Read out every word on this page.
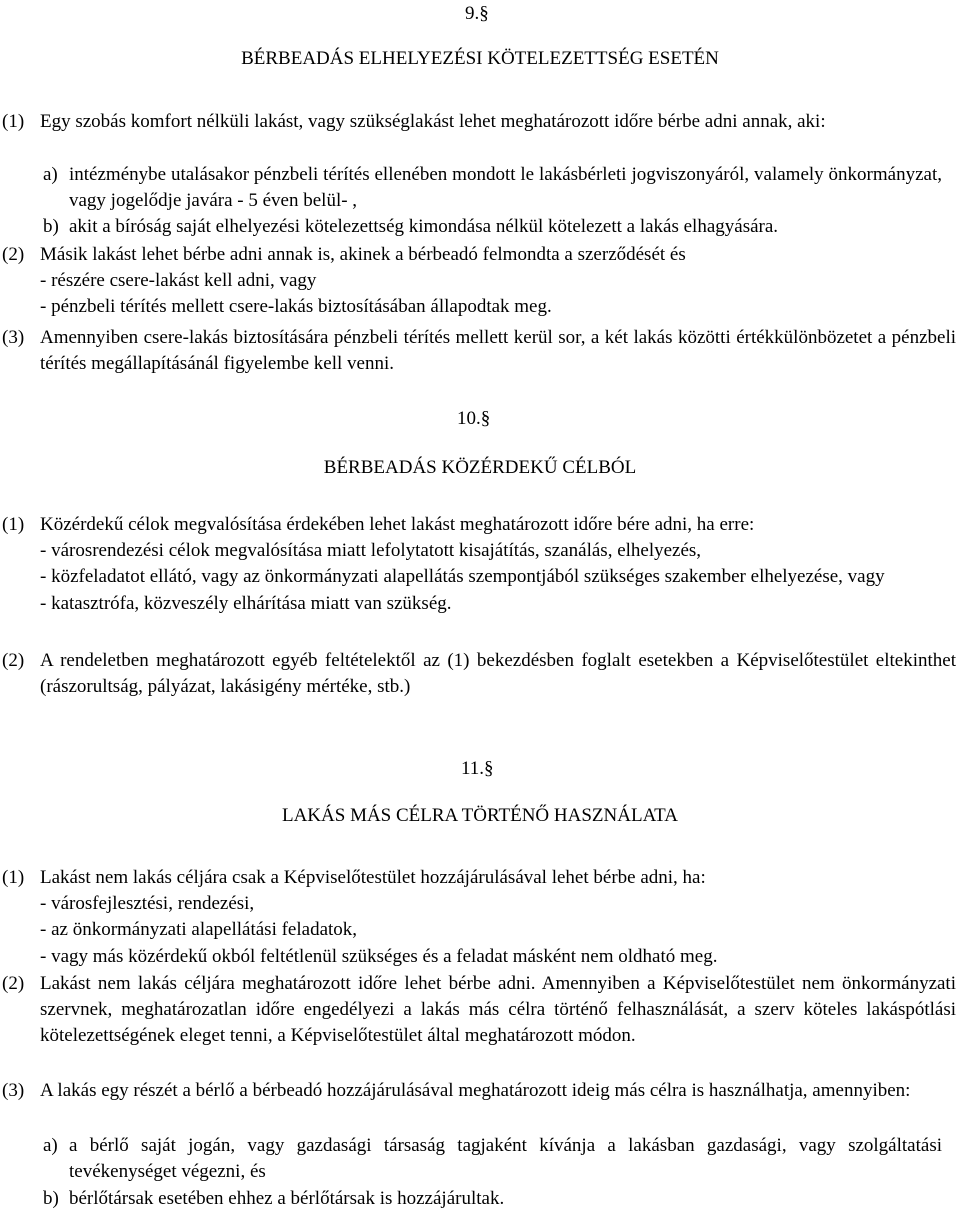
9.§
BÉRBEADÁS ELHELYEZÉSI KÖTELEZETTSÉG ESETÉN
(1) Egy szobás komfort nélküli lakást, vagy szükséglakást lehet meghatározott időre bérbe adni annak, aki:
a) intézménybe utalásakor pénzbeli térítés ellenében mondott le lakásbérleti jogviszonyáról, valamely önkormányzat, vagy jogelődje javára - 5 éven belül- ,
b) akit a bíróság saját elhelyezési kötelezettség kimondása nélkül kötelezett a lakás elhagyására.
(2) Másik lakást lehet bérbe adni annak is, akinek a bérbeadó felmondta a szerződését és
- részére csere-lakást kell adni, vagy
- pénzbeli térítés mellett csere-lakás biztosításában állapodtak meg.
(3) Amennyiben csere-lakás biztosítására pénzbeli térítés mellett kerül sor, a két lakás közötti értékkülönbözetet a pénzbeli térítés megállapításánál figyelembe kell venni.
10.§
BÉRBEADÁS KÖZÉRDEKŰ CÉLBÓL
(1) Közérdekű célok megvalósítása érdekében lehet lakást meghatározott időre bére adni, ha erre:
- városrendezési célok megvalósítása miatt lefolytatott kisajátítás, szanálás, elhelyezés,
- közfeladatot ellátó, vagy az önkormányzati alapellátás szempontjából szükséges szakember elhelyezése, vagy
- katasztrófa, közveszély elhárítása miatt van szükség.
(2) A rendeletben meghatározott egyéb feltételektől az (1) bekezdésben foglalt esetekben a Képviselőtestület eltekinthet (rászorultság, pályázat, lakásigény mértéke, stb.)
11.§
LAKÁS MÁS CÉLRA TÖRTÉNŐ HASZNÁLATA
(1) Lakást nem lakás céljára csak a Képviselőtestület hozzájárulásával lehet bérbe adni, ha:
- városfejlesztési, rendezési,
- az önkormányzati alapellátási feladatok,
- vagy más közérdekű okból feltétlenül szükséges és a feladat másként nem oldható meg.
(2) Lakást nem lakás céljára meghatározott időre lehet bérbe adni. Amennyiben a Képviselőtestület nem önkormányzati szervnek, meghatározatlan időre engedélyezi a lakás más célra történő felhasználását, a szerv köteles lakáspótlási kötelezettségének eleget tenni, a Képviselőtestület által meghatározott módon.
(3) A lakás egy részét a bérlő a bérbeadó hozzájárulásával meghatározott ideig más célra is használhatja, amennyiben:
a) a bérlő saját jogán, vagy gazdasági társaság tagjaként kívánja a lakásban gazdasági, vagy szolgáltatási tevékenységet végezni, és
b) bérlőtársak esetében ehhez a bérlőtársak is hozzájárultak.
